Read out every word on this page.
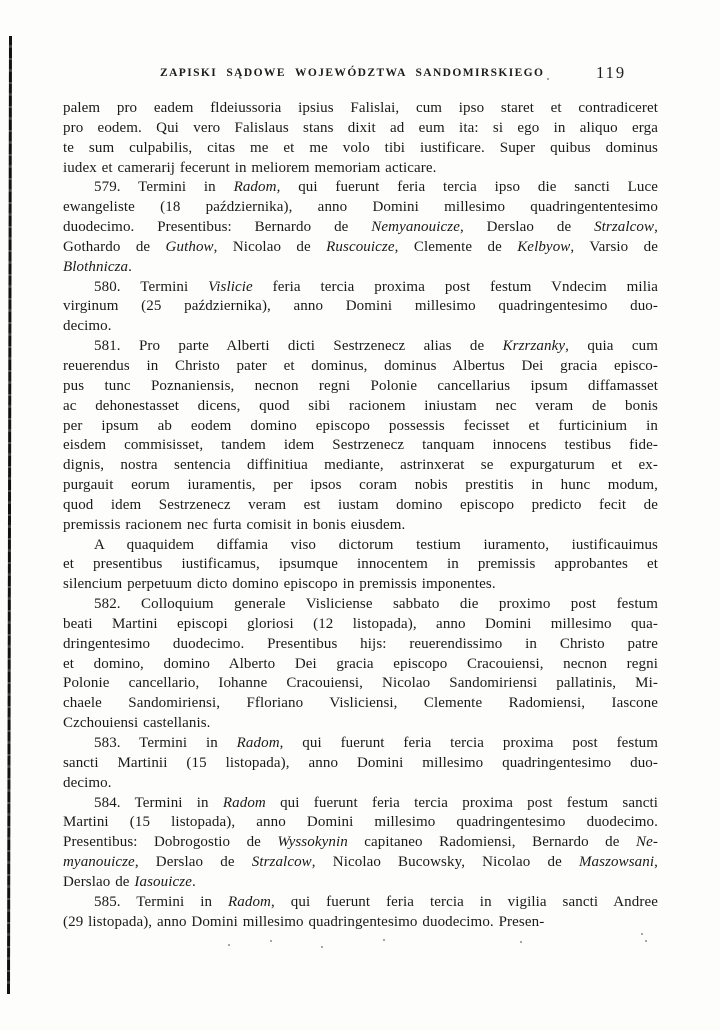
ZAPISKI SĄDOWE WOJEWÓDZTWA SANDOMIRSKIEGO	119
palem pro eadem fldeiussoria ipsius Falislai, cum ipso staret et contradiceret
pro eodem. Qui vero Falislaus stans dixit ad eum ita: si ego in aliquo erga
te sum culpabilis, citas me et me volo tibi iustificare. Super quibus dominus
iudex et camerarij fecerunt in meliorem memoriam acticare.
579. Termini in Radom, qui fuerunt feria tercia ipso die sancti Luce
ewangeliste (18 października), anno Domini millesimo quadringententesimo
duodecimo. Presentibus: Bernardo de Nemyanouicze, Derslao de Strzalcow,
Gothardo de Guthow, Nicolao de Ruscouicze, Clemente de Kelbyow, Varsio de
Blothnicza.
580. Termini Vislicie feria tercia proxima post festum Vndecim milia
virginum (25 października), anno Domini millesimo quadringentesimo duo-
decimo.
581. Pro parte Alberti dicti Sestrzenecz alias de Krzrzanky, quia cum
reuerendus in Christo pater et dominus, dominus Albertus Dei gracia episco-
pus tunc Poznaniensis, necnon regni Polonie cancellarius ipsum diffamasset
ac dehonestasset dicens, quod sibi racionem iniustam nec veram de bonis
per ipsum ab eodem domino episcopo possessis fecisset et furticinium in
eisdem commisisset, tandem idem Sestrzenecz tanquam innocens testibus fide-
dignis, nostra sentencia diffinitiua mediante, astrinxerat se expurgaturum et ex-
purgauit eorum iuramentis, per ipsos coram nobis prestitis in hunc modum,
quod idem Sestrzenecz veram est iustam domino episcopo predicto fecit de
premissis racionem nec furta comisit in bonis eiusdem.
A quaquidem diffamia viso dictorum testium iuramento, iustificauimus
et presentibus iustificamus, ipsumque innocentem in premissis approbantes et
silencium perpetuum dicto domino episcopo in premissis imponentes.
582. Colloquium generale Visliciense sabbato die proximo post festum
beati Martini episcopi gloriosi (12 listopada), anno Domini millesimo qua-
dringentesimo duodecimo. Presentibus hijs: reuerendissimo in Christo patre
et domino, domino Alberto Dei gracia episcopo Cracouiensi, necnon regni
Polonie cancellario, Iohanne Cracouiensi, Nicolao Sandomiriensi pallatinis, Mi-
chaele Sandomiriensi, Ffloriano Visliciensi, Clemente Radomiensi, Iascone
Czchouiensi castellanis.
583. Termini in Radom, qui fuerunt feria tercia proxima post festum
sancti Martinii (15 listopada), anno Domini millesimo quadringentesimo duo-
decimo.
584. Termini in Radom qui fuerunt feria tercia proxima post festum sancti
Martini (15 listopada), anno Domini millesimo quadringentesimo duodecimo.
Presentibus: Dobrogostio de Wyssokynin capitaneo Radomiensi, Bernardo de Ne-
myanouicze, Derslao de Strzalcow, Nicolao Bucowsky, Nicolao de Maszowsani,
Derslao de Iasouicze.
585. Termini in Radom, qui fuerunt feria tercia in vigilia sancti Andree
(29 listopada), anno Domini millesimo quadringentesimo duodecimo. Presen-
